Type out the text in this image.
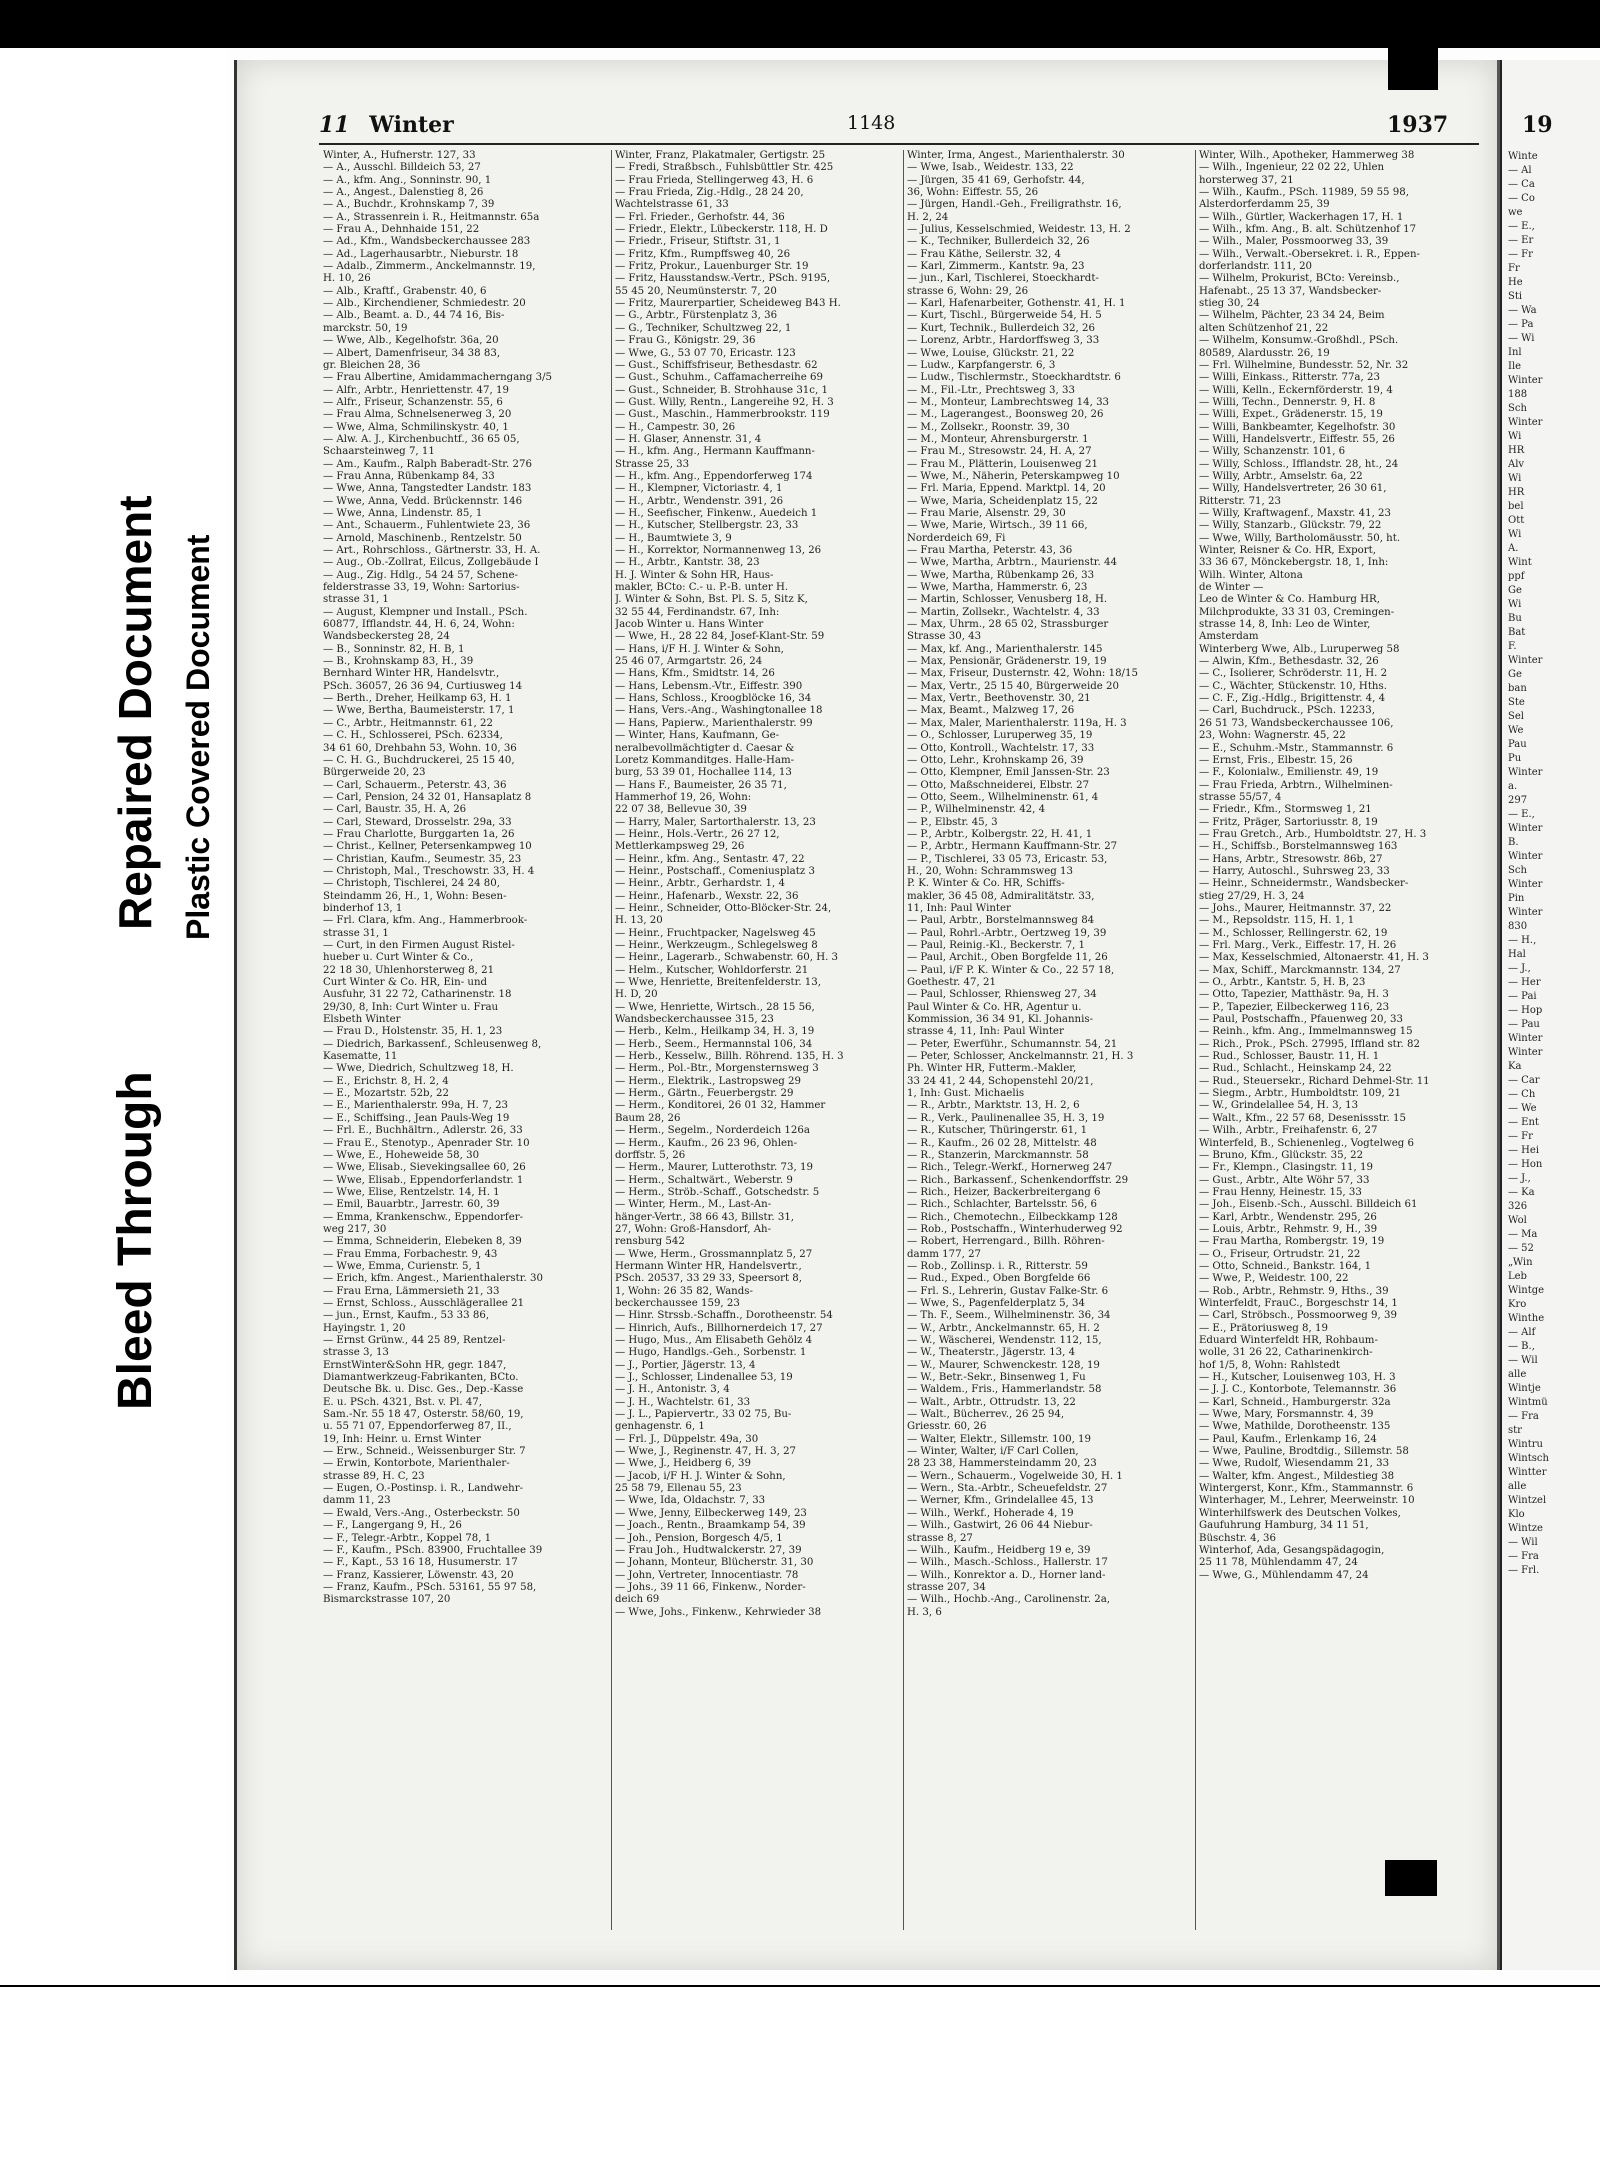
Bleed Through
Repaired Document Plastic Covered Document
11 Winter	1148	1937

Winter, A., Hufnerstr. 127, 33

— A., Ausschl. Billdeich 53, 27

— A., kfm. Ang., Sonninstr. 90, 1

— A., Angest., Dalenstieg 8, 26

— A., Buchdr., Krohnskamp 7, 39

— A., Strassenrein i. R., Heitmannstr. 65a

— Frau A., Dehnhaide 151, 22

— Ad., Kfm., Wandsbeckerchaussee 283

— Ad., Lagerhausarbtr., Nieburstr. 18

— Adalb., Zimmerm., Anckelmannstr. 19,

H. 10, 26

— Alb., Kraftf., Grabenstr. 40, 6

— Alb., Kirchendiener, Schmiedestr. 20

— Alb., Beamt. a. D., 44 74 16, Bis-

marckstr. 50, 19

— Wwe, Alb., Kegelhofstr. 36a, 20

— Albert, Damenfriseur, 34 38 83,

gr. Bleichen 28, 36

— Frau Albertine, Amidammacherngang 3/5

— Alfr., Arbtr., Henriettenstr. 47, 19

— Alfr., Friseur, Schanzenstr. 55, 6

— Frau Alma, Schnelsenerweg 3, 20

— Wwe, Alma, Schmilinskystr. 40, 1

— Alw. A. J., Kirchenbuchtf., 36 65 05,

Schaarsteinweg 7, 11

— Am., Kaufm., Ralph Baberadt-Str. 276

— Frau Anna, Rübenkamp 84, 33

— Wwe, Anna, Tangstedter Landstr. 183

— Wwe, Anna, Vedd. Brückennstr. 146

— Wwe, Anna, Lindenstr. 85, 1

— Ant., Schauerm., Fuhlentwiete 23, 36

— Arnold, Maschinenb., Rentzelstr. 50

— Art., Rohrschloss., Gärtnerstr. 33, H. A.

— Aug., Ob.-Zollrat, Eilcus, Zollgebäude I

— Aug., Zig. Hdlg., 54 24 57, Schene-

felderstrasse 33, 19, Wohn: Sartorius-

strasse 31, 1

— August, Klempner und Install., PSch.

60877, Ifflandstr. 44, H. 6, 24, Wohn:

Wandsbeckersteg 28, 24

— B., Sonninstr. 82, H. B, 1

— B., Krohnskamp 83, H., 39

Bernhard Winter HR, Handelsvtr.,

PSch. 36057, 26 36 94, Curtiusweg 14

— Berth., Dreher, Heilkamp 63, H. 1

— Wwe, Bertha, Baumeisterstr. 17, 1

— C., Arbtr., Heitmannstr. 61, 22

— C. H., Schlosserei, PSch. 62334,

34 61 60, Drehbahn 53, Wohn. 10, 36

— C. H. G., Buchdruckerei, 25 15 40,

Bürgerweide 20, 23

— Carl, Schauerm., Peterstr. 43, 36

— Carl, Pension, 24 32 01, Hansaplatz 8

— Carl, Baustr. 35, H. A, 26

— Carl, Steward, Drosselstr. 29a, 33

— Frau Charlotte, Burggarten 1a, 26

— Christ., Kellner, Petersenkampweg 10

— Christian, Kaufm., Seumestr. 35, 23

— Christoph, Mal., Treschowstr. 33, H. 4

— Christoph, Tischlerei, 24 24 80,

Steindamm 26, H., 1, Wohn: Besen-

binderhof 13, 1

— Frl. Clara, kfm. Ang., Hammerbrook-

strasse 31, 1

— Curt, in den Firmen August Ristel-

hueber u. Curt Winter & Co.,

22 18 30, Uhlenhorsterweg 8, 21

Curt Winter & Co. HR, Ein- und

Ausfuhr, 31 22 72, Catharinenstr. 18

29/30, 8, Inh: Curt Winter u. Frau

Elsbeth Winter

— Frau D., Holstenstr. 35, H. 1, 23

— Diedrich, Barkassenf., Schleusenweg 8,

Kasematte, 11

— Wwe, Diedrich, Schultzweg 18, H.

— E., Erichstr. 8, H. 2, 4

— E., Mozartstr. 52b, 22

— E., Marienthalerstr. 99a, H. 7, 23

— E., Schiffsing., Jean Pauls-Weg 19

— Frl. E., Buchhältrn., Adlerstr. 26, 33

— Frau E., Stenotyp., Apenrader Str. 10

— Wwe, E., Hoheweide 58, 30

— Wwe, Elisab., Sievekingsallee 60, 26

— Wwe, Elisab., Eppendorferlandstr. 1

— Wwe, Elise, Rentzelstr. 14, H. 1

— Emil, Bauarbtr., Jarrestr. 60, 39

— Emma, Krankenschw., Eppendorfer-

weg 217, 30

— Emma, Schneiderin, Elebeken 8, 39

— Frau Emma, Forbachestr. 9, 43

— Wwe, Emma, Curienstr. 5, 1

— Erich, kfm. Angest., Marienthalerstr. 30

— Frau Erna, Lämmersieth 21, 33

— Ernst, Schloss., Ausschlägerallee 21

— jun., Ernst, Kaufm., 53 33 86,

Hayingstr. 1, 20

— Ernst Grünw., 44 25 89, Rentzel-

strasse 3, 13

ErnstWinter&Sohn HR, gegr. 1847,

Diamantwerkzeug-Fabrikanten, BCto.

Deutsche Bk. u. Disc. Ges., Dep.-Kasse

E. u. PSch. 4321, Bst. v. Pl. 47,

Sam.-Nr. 55 18 47, Osterstr. 58/60, 19,

u. 55 71 07, Eppendorferweg 87, II.,

19, Inh: Heinr. u. Ernst Winter

— Erw., Schneid., Weissenburger Str. 7

— Erwin, Kontorbote, Marienthaler-

strasse 89, H. C, 23

— Eugen, O.-Postinsp. i. R., Landwehr-

damm 11, 23

— Ewald, Vers.-Ang., Osterbeckstr. 50

— F., Langergang 9, H., 26

— F., Telegr.-Arbtr., Koppel 78, 1

— F., Kaufm., PSch. 83900, Fruchtallee 39

— F., Kapt., 53 16 18, Husumerstr. 17

— Franz, Kassierer, Löwenstr. 43, 20

— Franz, Kaufm., PSch. 53161, 55 97 58,

Bismarckstrasse 107, 20

Winter, Franz, Plakatmaler, Gertigstr. 25

— Fredi, Straßbsch., Fuhlsbüttler Str. 425

— Frau Frieda, Stellingerweg 43, H. 6

— Frau Frieda, Zig.-Hdlg., 28 24 20,

Wachtelstrasse 61, 33

— Frl. Frieder., Gerhofstr. 44, 36

— Friedr., Elektr., Lübeckerstr. 118, H. D

— Friedr., Friseur, Stiftstr. 31, 1

— Fritz, Kfm., Rumpffsweg 40, 26

— Fritz, Prokur., Lauenburger Str. 19

— Fritz, Hausstandsw.-Vertr., PSch. 9195,

55 45 20, Neumünsterstr. 7, 20

— Fritz, Maurerpartier, Scheideweg B43 H.

— G., Arbtr., Fürstenplatz 3, 36

— G., Techniker, Schultzweg 22, 1

— Frau G., Königstr. 29, 36

— Wwe, G., 53 07 70, Ericastr. 123

— Gust., Schiffsfriseur, Bethesdastr. 62

— Gust., Schuhm., Caffamacherreihe 69

— Gust., Schneider, B. Strohhause 31c, 1

— Gust. Willy, Rentn., Langereihe 92, H. 3

— Gust., Maschin., Hammerbrookstr. 119

— H., Campestr. 30, 26

— H. Glaser, Annenstr. 31, 4

— H., kfm. Ang., Hermann Kauffmann-

Strasse 25, 33

— H., kfm. Ang., Eppendorferweg 174

— H., Klempner, Victoriastr. 4, 1

— H., Arbtr., Wendenstr. 391, 26

— H., Seefischer, Finkenw., Auedeich 1

— H., Kutscher, Stellbergstr. 23, 33

— H., Baumtwiete 3, 9

— H., Korrektor, Normannenweg 13, 26

— H., Arbtr., Kantstr. 38, 23

H. J. Winter & Sohn HR, Haus-

makler, BCto: C.- u. P.-B. unter H.

J. Winter & Sohn, Bst. Pl. S. 5, Sitz K,

32 55 44, Ferdinandstr. 67, Inh:

Jacob Winter u. Hans Winter

— Wwe, H., 28 22 84, Josef-Klant-Str. 59

— Hans, i/F H. J. Winter & Sohn,

25 46 07, Armgartstr. 26, 24

— Hans, Kfm., Smidtstr. 14, 26

— Hans, Lebensm.-Vtr., Eiffestr. 390

— Hans, Schloss., Kroogblöcke 16, 34

— Hans, Vers.-Ang., Washingtonallee 18

— Hans, Papierw., Marienthalerstr. 99

— Winter, Hans, Kaufmann, Ge-

neralbevollmächtigter d. Caesar &

Loretz Kommanditges. Halle-Ham-

burg, 53 39 01, Hochallee 114, 13

— Hans F., Baumeister, 26 35 71,

Hammerhof 19, 26, Wohn:

22 07 38, Bellevue 30, 39

— Harry, Maler, Sartorthalerstr. 13, 23

— Heinr., Hols.-Vertr., 26 27 12,

Mettlerkampsweg 29, 26

— Heinr., kfm. Ang., Sentastr. 47, 22

— Heinr., Postschaff., Comeniusplatz 3

— Heinr., Arbtr., Gerhardstr. 1, 4

— Heinr., Hafenarb., Wexstr. 22, 36

— Heinr., Schneider, Otto-Blöcker-Str. 24,

H. 13, 20

— Heinr., Fruchtpacker, Nagelsweg 45

— Heinr., Werkzeugm., Schlegelsweg 8

— Heinr., Lagerarb., Schwabenstr. 60, H. 3

— Helm., Kutscher, Wohldorferstr. 21

— Wwe, Henriette, Breitenfelderstr. 13,

H. D, 20

— Wwe, Henriette, Wirtsch., 28 15 56,

Wandsbeckerchaussee 315, 23

— Herb., Kelm., Heilkamp 34, H. 3, 19

— Herb., Seem., Hermannstal 106, 34

— Herb., Kesselw., Billh. Röhrend. 135, H. 3

— Herm., Pol.-Btr., Morgensternsweg 3

— Herm., Elektrik., Lastropsweg 29

— Herm., Gärtn., Feuerbergstr. 29

— Herm., Konditorei, 26 01 32, Hammer

Baum 28, 26

— Herm., Segelm., Norderdeich 126a

— Herm., Kaufm., 26 23 96, Ohlen-

dorffstr. 5, 26

— Herm., Maurer, Lutterothstr. 73, 19

— Herm., Schaltwärt., Weberstr. 9

— Herm., Ströb.-Schaff., Gotschedstr. 5

— Winter, Herm., M., Last-An-

hänger-Vertr., 38 66 43, Billstr. 31,

27, Wohn: Groß-Hansdorf, Ah-

rensburg 542

— Wwe, Herm., Grossmannplatz 5, 27

Hermann Winter HR, Handelsvertr.,

PSch. 20537, 33 29 33, Speersort 8,

1, Wohn: 26 35 82, Wands-

beckerchaussee 159, 23

— Hinr. Strssb.-Schaffn., Dorotheenstr. 54

— Hinrich, Aufs., Billhornerdeich 17, 27

— Hugo, Mus., Am Elisabeth Gehölz 4

— Hugo, Handlgs.-Geh., Sorbenstr. 1

— J., Portier, Jägerstr. 13, 4

— J., Schlosser, Lindenallee 53, 19

— J. H., Antonistr. 3, 4

— J. H., Wachtelstr. 61, 33

— J. L., Papiervertr., 33 02 75, Bu-

genhagenstr. 6, 1

— Frl. J., Düppelstr. 49a, 30

— Wwe, J., Reginenstr. 47, H. 3, 27

— Wwe, J., Heidberg 6, 39

— Jacob, i/F H. J. Winter & Sohn,

25 58 79, Ellenau 55, 23

— Wwe, Ida, Oldachstr. 7, 33

— Wwe, Jenny, Eilbeckerweg 149, 23

— Joach., Rentn., Braamkamp 54, 39

— Joh., Pension, Borgesch 4/5, 1

— Frau Joh., Hudtwalckerstr. 27, 39

— Johann, Monteur, Blücherstr. 31, 30

— John, Vertreter, Innocentiastr. 78

— Johs., 39 11 66, Finkenw., Norder-

deich 69

— Wwe, Johs., Finkenw., Kehrwieder 38

Winter, Irma, Angest., Marienthalerstr. 30

— Wwe, Isab., Weidestr. 133, 22

— Jürgen, 35 41 69, Gerhofstr. 44,

36, Wohn: Eiffestr. 55, 26

— Jürgen, Handl.-Geh., Freiligrathstr. 16,

H. 2, 24

— Julius, Kesselschmied, Weidestr. 13, H. 2

— K., Techniker, Bullerdeich 32, 26

— Frau Käthe, Seilerstr. 32, 4

— Karl, Zimmerm., Kantstr. 9a, 23

— jun., Karl, Tischlerei, Stoeckhardt-

strasse 6, Wohn: 29, 26

— Karl, Hafenarbeiter, Gothenstr. 41, H. 1

— Kurt, Tischl., Bürgerweide 54, H. 5

— Kurt, Technik., Bullerdeich 32, 26

— Lorenz, Arbtr., Hardorffsweg 3, 33

— Wwe, Louise, Glückstr. 21, 22

— Ludw., Karpfangerstr. 6, 3

— Ludw., Tischlermstr., Stoeckhardtstr. 6

— M., Fil.-Ltr., Prechtsweg 3, 33

— M., Monteur, Lambrechtsweg 14, 33

— M., Lagerangest., Boonsweg 20, 26

— M., Zollsekr., Roonstr. 39, 30

— M., Monteur, Ahrensburgerstr. 1

— Frau M., Stresowstr. 24, H. A, 27

— Frau M., Plätterin, Louisenweg 21

— Wwe, M., Näherin, Peterskampweg 10

— Frl. Maria, Eppend. Marktpl. 14, 20

— Wwe, Maria, Scheidenplatz 15, 22

— Frau Marie, Alsenstr. 29, 30

— Wwe, Marie, Wirtsch., 39 11 66,

Norderdeich 69, Fi

— Frau Martha, Peterstr. 43, 36

— Wwe, Martha, Arbtrn., Maurienstr. 44

— Wwe, Martha, Rübenkamp 26, 33

— Wwe, Martha, Hammerstr. 6, 23

— Martin, Schlosser, Venusberg 18, H.

— Martin, Zollsekr., Wachtelstr. 4, 33

— Max, Uhrm., 28 65 02, Strassburger

Strasse 30, 43

— Max, kf. Ang., Marienthalerstr. 145

— Max, Pensionär, Grädenerstr. 19, 19

— Max, Friseur, Dusternstr. 42, Wohn: 18/15

— Max, Vertr., 25 15 40, Bürgerweide 20

— Max, Vertr., Beethovenstr. 30, 21

— Max, Beamt., Malzweg 17, 26

— Max, Maler, Marienthalerstr. 119a, H. 3

— O., Schlosser, Luruperweg 35, 19

— Otto, Kontroll., Wachtelstr. 17, 33

— Otto, Lehr., Krohnskamp 26, 39

— Otto, Klempner, Emil Janssen-Str. 23

— Otto, Maßschneiderei, Elbstr. 27

— Otto, Seem., Wilhelminenstr. 61, 4

— P., Wilhelminenstr. 42, 4

— P., Elbstr. 45, 3

— P., Arbtr., Kolbergstr. 22, H. 41, 1

— P., Arbtr., Hermann Kauffmann-Str. 27

— P., Tischlerei, 33 05 73, Ericastr. 53,

H., 20, Wohn: Schrammsweg 13

P. K. Winter & Co. HR, Schiffs-

makler, 36 45 08, Admiralitätstr. 33,

11, Inh: Paul Winter

— Paul, Arbtr., Borstelmannsweg 84

— Paul, Rohrl.-Arbtr., Oertzweg 19, 39

— Paul, Reinig.-Kl., Beckerstr. 7, 1

— Paul, Archit., Oben Borgfelde 11, 26

— Paul, i/F P. K. Winter & Co., 22 57 18,

Goethestr. 47, 21

— Paul, Schlosser, Rhiensweg 27, 34

Paul Winter & Co. HR, Agentur u.

Kommission, 36 34 91, Kl. Johannis-

strasse 4, 11, Inh: Paul Winter

— Peter, Ewerführ., Schumannstr. 54, 21

— Peter, Schlosser, Anckelmannstr. 21, H. 3

Ph. Winter HR, Futterm.-Makler,

33 24 41, 2 44, Schopenstehl 20/21,

1, Inh: Gust. Michaelis

— R., Arbtr., Marktstr. 13, H. 2, 6

— R., Verk., Paulinenallee 35, H. 3, 19

— R., Kutscher, Thüringerstr. 61, 1

— R., Kaufm., 26 02 28, Mittelstr. 48

— R., Stanzerin, Marckmannstr. 58

— Rich., Telegr.-Werkf., Hornerweg 247

— Rich., Barkassenf., Schenkendorffstr. 29

— Rich., Heizer, Backerbreitergang 6

— Rich., Schlachter, Bartelsstr. 56, 6

— Rich., Chemotechn., Eilbeckkamp 128

— Rob., Postschaffn., Winterhuderweg 92

— Robert, Herrengard., Billh. Röhren-

damm 177, 27

— Rob., Zollinsp. i. R., Ritterstr. 59

— Rud., Exped., Oben Borgfelde 66

— Frl. S., Lehrerin, Gustav Falke-Str. 6

— Wwe, S., Pagenfelderplatz 5, 34

— Th. F., Seem., Wilhelminenstr. 36, 34

— W., Arbtr., Anckelmannstr. 65, H. 2

— W., Wäscherei, Wendenstr. 112, 15,

— W., Theaterstr., Jägerstr. 13, 4

— W., Maurer, Schwenckestr. 128, 19

— W., Betr.-Sekr., Binsenweg 1, Fu

— Waldem., Fris., Hammerlandstr. 58

— Walt., Arbtr., Ottrudstr. 13, 22

— Walt., Bücherrev., 26 25 94,

Griesstr. 60, 26

— Walter, Elektr., Sillemstr. 100, 19

— Winter, Walter, i/F Carl Collen,

28 23 38, Hammersteindamm 20, 23

— Wern., Schauerm., Vogelweide 30, H. 1

— Wern., Sta.-Arbtr., Scheuefeldstr. 27

— Werner, Kfm., Grindelallee 45, 13

— Wilh., Werkf., Hoherade 4, 19

— Wilh., Gastwirt, 26 06 44 Niebur-

strasse 8, 27

— Wilh., Kaufm., Heidberg 19 e, 39

— Wilh., Masch.-Schloss., Hallerstr. 17

— Wilh., Konrektor a. D., Horner land-

strasse 207, 34

— Wilh., Hochb.-Ang., Carolinenstr. 2a,

H. 3, 6

Winter, Wilh., Apotheker, Hammerweg 38

— Wilh., Ingenieur, 22 02 22, Uhlen

horsterweg 37, 21

— Wilh., Kaufm., PSch. 11989, 59 55 98,

Alsterdorferdamm 25, 39

— Wilh., Gürtler, Wackerhagen 17, H. 1

— Wilh., kfm. Ang., B. alt. Schützenhof 17

— Wilh., Maler, Possmoorweg 33, 39

— Wilh., Verwalt.-Obersekret. i. R., Eppen-

dorferlandstr. 111, 20

— Wilhelm, Prokurist, BCto: Vereinsb.,

Hafenabt., 25 13 37, Wandsbecker-

stieg 30, 24

— Wilhelm, Pächter, 23 34 24, Beim

alten Schützenhof 21, 22

— Wilhelm, Konsumw.-Großhdl., PSch.

80589, Alardusstr. 26, 19

— Frl. Wilhelmine, Bundesstr. 52, Nr. 32

— Willi, Einkass., Ritterstr. 77a, 23

— Willi, Kelln., Eckernförderstr. 19, 4

— Willi, Techn., Dennerstr. 9, H. 8

— Willi, Expet., Grädenerstr. 15, 19

— Willi, Bankbeamter, Kegelhofstr. 30

— Willi, Handelsvertr., Eiffestr. 55, 26

— Willy, Schanzenstr. 101, 6

— Willy, Schloss., Ifflandstr. 28, ht., 24

— Willy, Arbtr., Amselstr. 6a, 22

— Willy, Handelsvertreter, 26 30 61,

Ritterstr. 71, 23

— Willy, Kraftwagenf., Maxstr. 41, 23

— Willy, Stanzarb., Glückstr. 79, 22

— Wwe, Willy, Bartholomäusstr. 50, ht.

Winter, Reisner & Co. HR, Export,

33 36 67, Mönckebergstr. 18, 1, Inh:

Wilh. Winter, Altona

de Winter —

Leo de Winter & Co. Hamburg HR,

Milchprodukte, 33 31 03, Cremingen-

strasse 14, 8, Inh: Leo de Winter,

Amsterdam

Winterberg Wwe, Alb., Luruperweg 58

— Alwin, Kfm., Bethesdastr. 32, 26

— C., Isolierer, Schröderstr. 11, H. 2

— C., Wächter, Stückenstr. 10, Hths.

— C. F., Zig.-Hdlg., Brigittenstr. 4, 4

— Carl, Buchdruck., PSch. 12233,

26 51 73, Wandsbeckerchaussee 106,

23, Wohn: Wagnerstr. 45, 22

— E., Schuhm.-Mstr., Stammannstr. 6

— Ernst, Fris., Elbestr. 15, 26

— F., Kolonialw., Emilienstr. 49, 19

— Frau Frieda, Arbtrn., Wilhelminen-

strasse 55/57, 4

— Friedr., Kfm., Stormsweg 1, 21

— Fritz, Präger, Sartoriusstr. 8, 19

— Frau Gretch., Arb., Humboldtstr. 27, H. 3

— H., Schiffsb., Borstelmannsweg 163

— Hans, Arbtr., Stresowstr. 86b, 27

— Harry, Autoschl., Suhrsweg 23, 33

— Heinr., Schneidermstr., Wandsbecker-

stieg 27/29, H. 3, 24

— Johs., Maurer, Heitmannstr. 37, 22

— M., Repsoldstr. 115, H. 1, 1

— M., Schlosser, Rellingerstr. 62, 19

— Frl. Marg., Verk., Eiffestr. 17, H. 26

— Max, Kesselschmied, Altonaerstr. 41, H. 3

— Max, Schiff., Marckmannstr. 134, 27

— O., Arbtr., Kantstr. 5, H. B, 23

— Otto, Tapezier, Matthästr. 9a, H. 3

— P., Tapezier, Eilbeckerweg 116, 23

— Paul, Postschaffn., Pfauenweg 20, 33

— Reinh., kfm. Ang., Immelmannsweg 15

— Rich., Prok., PSch. 27995, Iffland str. 82

— Rud., Schlosser, Baustr. 11, H. 1

— Rud., Schlacht., Heinskamp 24, 22

— Rud., Steuersekr., Richard Dehmel-Str. 11

— Siegm., Arbtr., Humboldtstr. 109, 21

— W., Grindelallee 54, H. 3, 13

— Walt., Kfm., 22 57 68, Desenissstr. 15

— Wilh., Arbtr., Freihafenstr. 6, 27

Winterfeld, B., Schienenleg., Vogtelweg 6

— Bruno, Kfm., Glückstr. 35, 22

— Fr., Klempn., Clasingstr. 11, 19

— Gust., Arbtr., Alte Wöhr 57, 33

— Frau Henny, Heinestr. 15, 33

— Joh., Eisenb.-Sch., Ausschl. Billdeich 61

— Karl, Arbtr., Wendenstr. 295, 26

— Louis, Arbtr., Rehmstr. 9, H., 39

— Frau Martha, Rombergstr. 19, 19

— O., Friseur, Ortrudstr. 21, 22

— Otto, Schneid., Bankstr. 164, 1

— Wwe, P., Weidestr. 100, 22

— Rob., Arbtr., Rehmstr. 9, Hths., 39

Winterfeldt, FrauC., Borgeschstr 14, 1

— Carl, Ströbsch., Possmoorweg 9, 39

— E., Prätoriusweg 8, 19

Eduard Winterfeldt HR, Rohbaum-

wolle, 31 26 22, Catharinenkirch-

hof 1/5, 8, Wohn: Rahlstedt

— H., Kutscher, Louisenweg 103, H. 3

— J. J. C., Kontorbote, Telemannstr. 36

— Karl, Schneid., Hamburgerstr. 32a

— Wwe, Mary, Forsmannstr. 4, 39

— Wwe, Mathilde, Dorotheenstr. 135

— Paul, Kaufm., Erlenkamp 16, 24

— Wwe, Pauline, Brodtdig., Sillemstr. 58

— Wwe, Rudolf, Wiesendamm 21, 33

— Walter, kfm. Angest., Mildestieg 38

Wintergerst, Konr., Kfm., Stammannstr. 6

Winterhager, M., Lehrer, Meerweinstr. 10

Winterhilfswerk des Deutschen Volkes,

Gaufuhrung Hamburg, 34 11 51,

Büschstr. 4, 36

Winterhof, Ada, Gesangspädagogin,

25 11 78, Mühlendamm 47, 24

— Wwe, G., Mühlendamm 47, 24

19

Winte

— Al

— Ca

— Co

we

— E.,

— Er

— Fr

Fr

He

Sti

— Wa

— Pa

— Wi

Inl

Ile

Winter

188

Sch

Winter

Wi

HR

Alv

Wi

HR

bel

Ott

Wi

A.

Wint

ppf

Ge

Wi

Bu

Bat

F.

Winter

Ge

ban

Ste

Sel

We

Pau

Pu

Winter

a.

297

— E.,

Winter

B.

Winter

Sch

Winter

Pin

Winter

830

— H.,

Hal

— J.,

— Her

— Pai

— Hop

— Pau

Winter

Winter

Ka

— Car

— Ch

— We

— Ent

— Fr

— Hei

— Hon

— J.,

— Ka

326

Wol

— Ma

— 52

„Win

Leb

Wintge

Kro

Winthe

— Alf

— B.,

— Wil

alle

Wintje

Wintmü

— Fra

str

Wintru

Wintsch

Wintter

alle

Wintzel

Klo

Wintze

— Wil

— Fra

— Frl.
